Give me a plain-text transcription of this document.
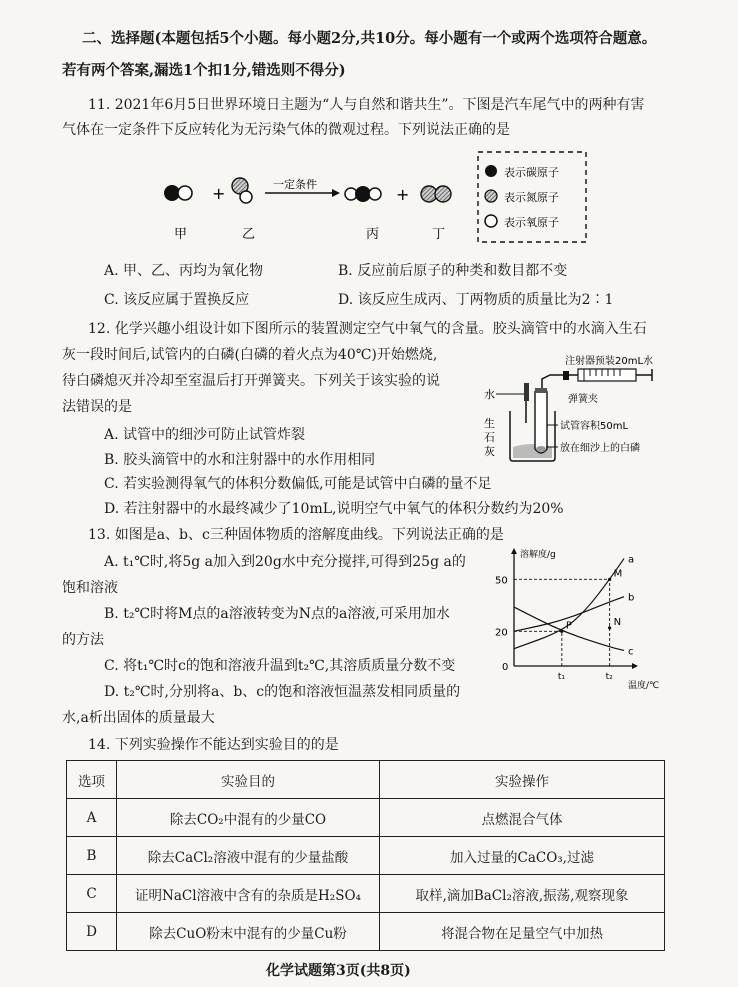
二、选择题(本题包括5个小题。每小题2分,共10分。每小题有一个或两个选项符合题意。
若有两个答案,漏选1个扣1分,错选则不得分)
11. 2021年6月5日世界环境日主题为“人与自然和谐共生”。下图是汽车尾气中的两种有害
气体在一定条件下反应转化为无污染气体的微观过程。下列说法正确的是
+	一定条件
+
甲	乙	丙	丁
表示碳原子
表示氮原子
表示氧原子
A. 甲、乙、丙均为氧化物	B. 反应前后原子的种类和数目都不变
C. 该反应属于置换反应	D. 该反应生成丙、丁两物质的质量比为2∶1
12. 化学兴趣小组设计如下图所示的装置测定空气中氧气的含量。胶头滴管中的水滴入生石
灰一段时间后,试管内的白磷(白磷的着火点为40℃)开始燃烧,
待白磷熄灭并冷却至室温后打开弹簧夹。下列关于该实验的说
法错误的是
注射器预装20mL水
弹簧夹
水
生
石
灰
试管容积50mL
放在细沙上的白磷
A. 试管中的细沙可防止试管炸裂
B. 胶头滴管中的水和注射器中的水作用相同
C. 若实验测得氧气的体积分数偏低,可能是试管中白磷的量不足
D. 若注射器中的水最终减少了10mL,说明空气中氧气的体积分数约为20%
13. 如图是a、b、c三种固体物质的溶解度曲线。下列说法正确的是
A. t₁℃时,将5g a加入到20g水中充分搅拌,可得到25g a的
饱和溶液
B. t₂℃时将M点的a溶液转变为N点的a溶液,可采用加水
的方法
C. 将t₁℃时c的饱和溶液升温到t₂℃,其溶质质量分数不变
D. t₂℃时,分别将a、b、c的饱和溶液恒温蒸发相同质量的
水,a析出固体的质量最大
溶解度/g
温度/℃
0
20
50
t₁	t₂
a
b
c
P
M
N
14. 下列实验操作不能达到实验目的的是
选项	实验目的	实验操作
A	除去CO₂中混有的少量CO	点燃混合气体
B	除去CaCl₂溶液中混有的少量盐酸	加入过量的CaCO₃,过滤
C	证明NaCl溶液中含有的杂质是H₂SO₄	取样,滴加BaCl₂溶液,振荡,观察现象
D	除去CuO粉末中混有的少量Cu粉	将混合物在足量空气中加热
化学试题第3页(共8页)
